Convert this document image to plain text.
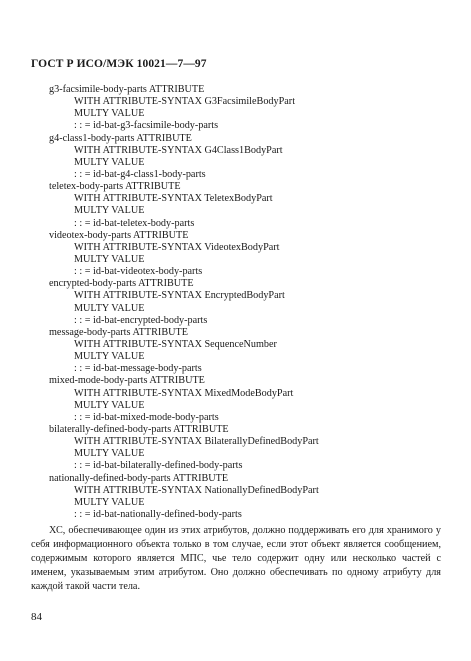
ГОСТ Р ИСО/МЭК 10021—7—97
g3-facsimile-body-parts ATTRIBUTE
WITH ATTRIBUTE-SYNTAX G3FacsimileBodyPart
MULTY VALUE
: : = id-bat-g3-facsimile-body-parts
g4-class1-body-parts ATTRIBUTE
WITH ATTRIBUTE-SYNTAX G4Class1BodyPart
MULTY VALUE
: : = id-bat-g4-class1-body-parts
teletex-body-parts ATTRIBUTE
WITH ATTRIBUTE-SYNTAX TeletexBodyPart
MULTY VALUE
: : = id-bat-teletex-body-parts
videotex-body-parts ATTRIBUTE
WITH ATTRIBUTE-SYNTAX VideotexBodyPart
MULTY VALUE
: : = id-bat-videotex-body-parts
encrypted-body-parts ATTRIBUTE
WITH ATTRIBUTE-SYNTAX EncryptedBodyPart
MULTY VALUE
: : = id-bat-encrypted-body-parts
message-body-parts ATTRIBUTE
WITH ATTRIBUTE-SYNTAX SequenceNumber
MULTY VALUE
: : = id-bat-message-body-parts
mixed-mode-body-parts ATTRIBUTE
WITH ATTRIBUTE-SYNTAX MixedModeBodyPart
MULTY VALUE
: : = id-bat-mixed-mode-body-parts
bilaterally-defined-body-parts ATTRIBUTE
WITH ATTRIBUTE-SYNTAX BilaterallyDefinedBodyPart
MULTY VALUE
: : = id-bat-bilaterally-defined-body-parts
nationally-defined-body-parts ATTRIBUTE
WITH ATTRIBUTE-SYNTAX NationallyDefinedBodyPart
MULTY VALUE
: : = id-bat-nationally-defined-body-parts

ХС, обеспечивающее один из этих атрибутов, должно поддерживать его для хранимого у себя информационного объекта только в том случае, если этот объект является сообщением, содержимым которого является МПС, чье тело содержит одну или несколько частей с именем, указываемым этим атрибутом. Оно должно обеспечивать по одному атрибуту для каждой такой части тела.

84
